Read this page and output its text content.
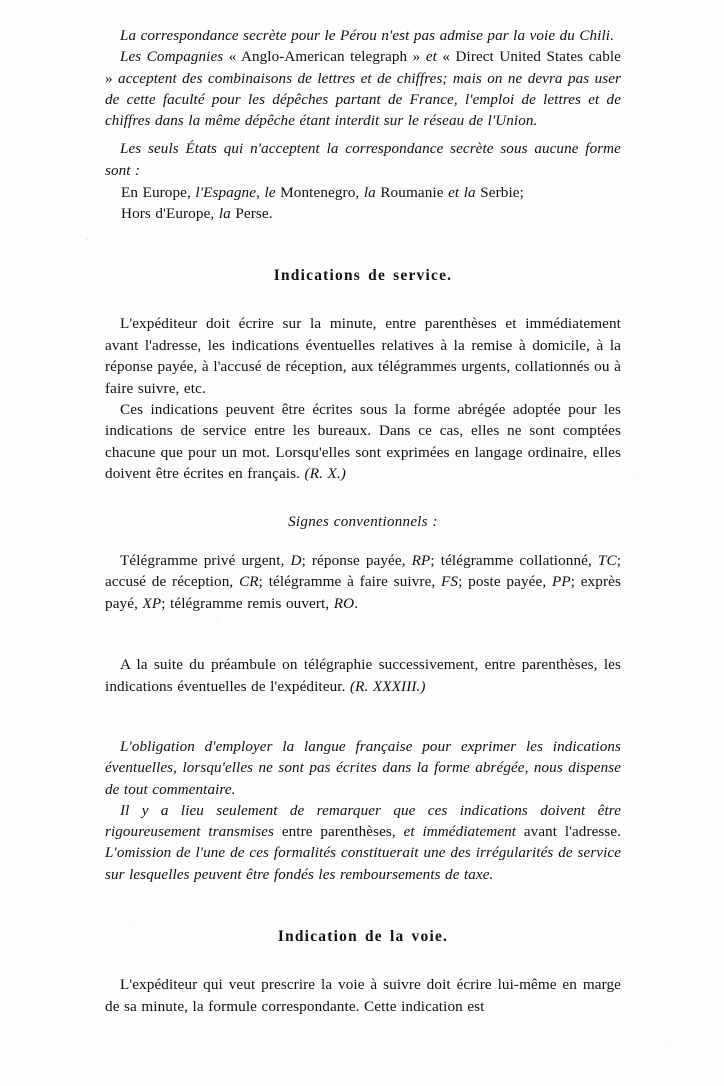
La correspondance secrète pour le Pérou n'est pas admise par la voie du Chili.

Les Compagnies « Anglo-American telegraph » et « Direct United States cable » acceptent des combinaisons de lettres et de chiffres; mais on ne devra pas user de cette faculté pour les dépêches partant de France, l'emploi de lettres et de chiffres dans la même dépêche étant interdit sur le réseau de l'Union.

Les seuls États qui n'acceptent la correspondance secrète sous aucune forme sont :

En Europe, l'Espagne, le Montenegro, la Roumanie et la Serbie;

Hors d'Europe, la Perse.

Indications de service.

L'expéditeur doit écrire sur la minute, entre parenthèses et immédiatement avant l'adresse, les indications éventuelles relatives à la remise à domicile, à la réponse payée, à l'accusé de réception, aux télégrammes urgents, collationnés ou à faire suivre, etc.

Ces indications peuvent être écrites sous la forme abrégée adoptée pour les indications de service entre les bureaux. Dans ce cas, elles ne sont comptées chacune que pour un mot. Lorsqu'elles sont exprimées en langage ordinaire, elles doivent être écrites en français. (R. X.)

Signes conventionnels :

Télégramme privé urgent, D; réponse payée, RP; télégramme collationné, TC; accusé de réception, CR; télégramme à faire suivre, FS; poste payée, PP; exprès payé, XP; télégramme remis ouvert, RO.

A la suite du préambule on télégraphie successivement, entre parenthèses, les indications éventuelles de l'expéditeur. (R. XXXIII.)

L'obligation d'employer la langue française pour exprimer les indications éventuelles, lorsqu'elles ne sont pas écrites dans la forme abrégée, nous dispense de tout commentaire.

Il y a lieu seulement de remarquer que ces indications doivent être rigoureusement transmises entre parenthèses, et immédiatement avant l'adresse. L'omission de l'une de ces formalités constituerait une des irrégularités de service sur lesquelles peuvent être fondés les remboursements de taxe.

Indication de la voie.

L'expéditeur qui veut prescrire la voie à suivre doit écrire lui-même en marge de sa minute, la formule correspondante. Cette indication est
